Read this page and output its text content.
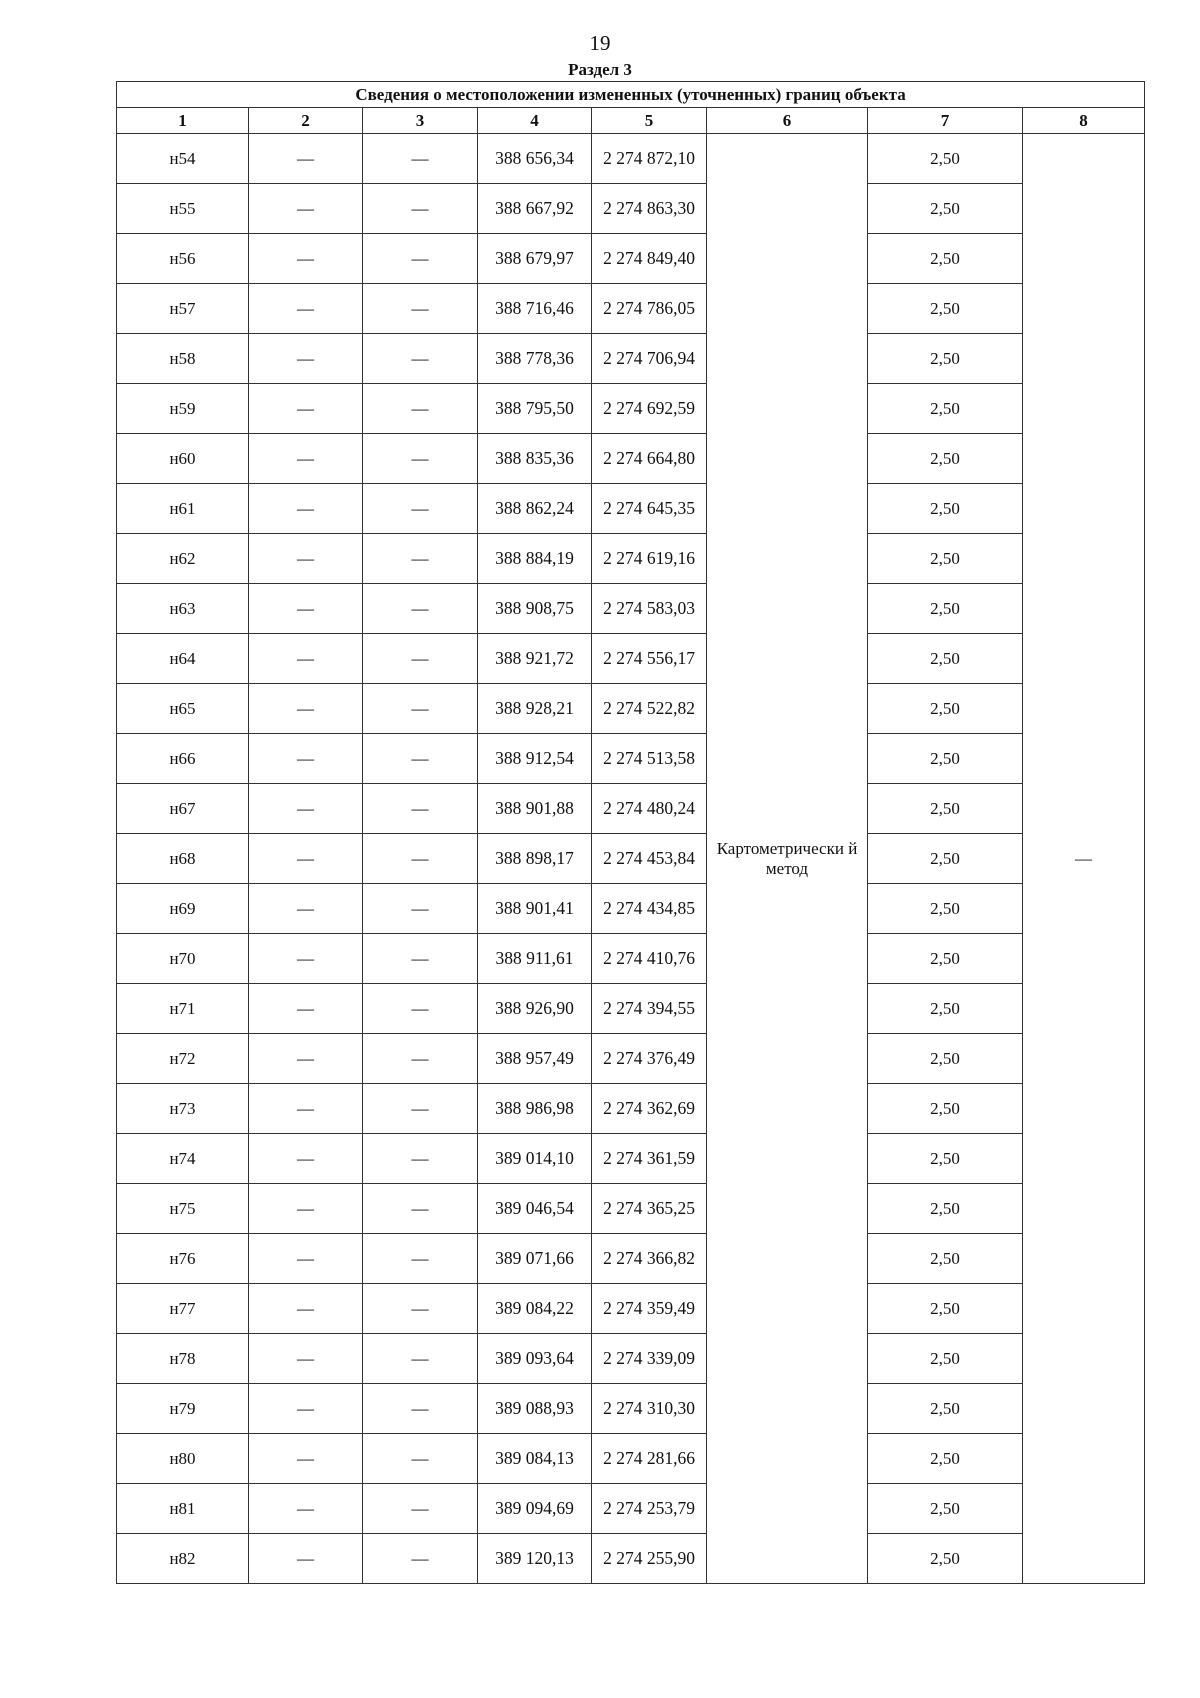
19
Раздел 3
Сведения о местоположении измененных (уточненных) границ объекта							
1	2	3	4	5	6	7	8
н54	—	—	388 656,34	2 274 872,10	Картометрически й метод	2,50	—
н55	—	—	388 667,92	2 274 863,30		2,50	
н56	—	—	388 679,97	2 274 849,40		2,50	
н57	—	—	388 716,46	2 274 786,05		2,50	
н58	—	—	388 778,36	2 274 706,94		2,50	
н59	—	—	388 795,50	2 274 692,59		2,50	
н60	—	—	388 835,36	2 274 664,80		2,50	
н61	—	—	388 862,24	2 274 645,35		2,50	
н62	—	—	388 884,19	2 274 619,16		2,50	
н63	—	—	388 908,75	2 274 583,03		2,50	
н64	—	—	388 921,72	2 274 556,17		2,50	
н65	—	—	388 928,21	2 274 522,82		2,50	
н66	—	—	388 912,54	2 274 513,58		2,50	
н67	—	—	388 901,88	2 274 480,24		2,50	
н68	—	—	388 898,17	2 274 453,84		2,50	
н69	—	—	388 901,41	2 274 434,85		2,50	
н70	—	—	388 911,61	2 274 410,76		2,50	
н71	—	—	388 926,90	2 274 394,55		2,50	
н72	—	—	388 957,49	2 274 376,49		2,50	
н73	—	—	388 986,98	2 274 362,69		2,50	
н74	—	—	389 014,10	2 274 361,59		2,50	
н75	—	—	389 046,54	2 274 365,25		2,50	
н76	—	—	389 071,66	2 274 366,82		2,50	
н77	—	—	389 084,22	2 274 359,49		2,50	
н78	—	—	389 093,64	2 274 339,09		2,50	
н79	—	—	389 088,93	2 274 310,30		2,50	
н80	—	—	389 084,13	2 274 281,66		2,50	
н81	—	—	389 094,69	2 274 253,79		2,50	
н82	—	—	389 120,13	2 274 255,90		2,50	
